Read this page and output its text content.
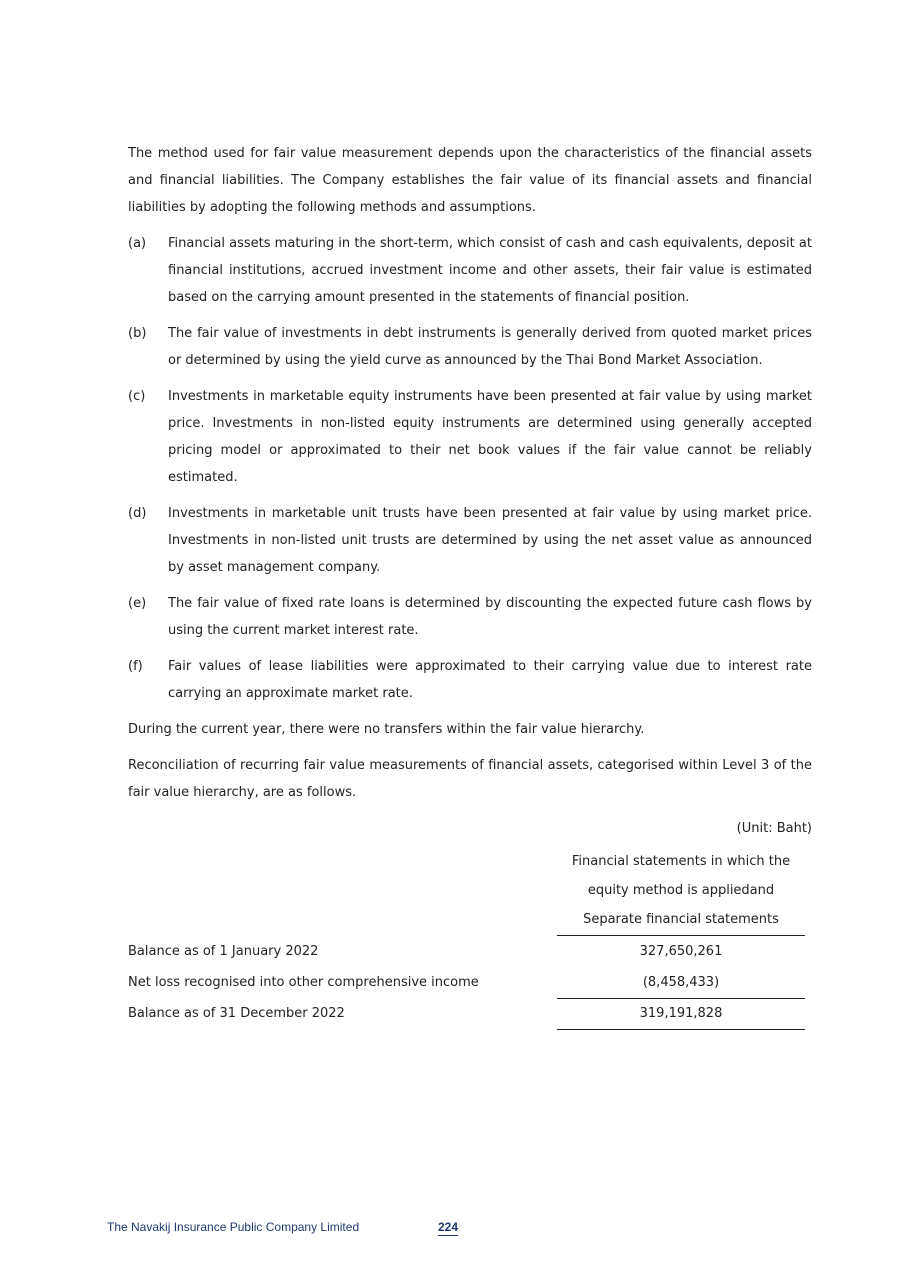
The method used for fair value measurement depends upon the characteristics of the financial assets and financial liabilities. The Company establishes the fair value of its financial assets and financial liabilities by adopting the following methods and assumptions.

(a)	Financial assets maturing in the short-term, which consist of cash and cash equivalents, deposit at financial institutions, accrued investment income and other assets, their fair value is estimated based on the carrying amount presented in the statements of financial position.
(b)	The fair value of investments in debt instruments is generally derived from quoted market prices or determined by using the yield curve as announced by the Thai Bond Market Association.
(c)	Investments in marketable equity instruments have been presented at fair value by using market price. Investments in non-listed equity instruments are determined using generally accepted pricing model or approximated to their net book values if the fair value cannot be reliably estimated.
(d)	Investments in marketable unit trusts have been presented at fair value by using market price. Investments in non-listed unit trusts are determined by using the net asset value as announced by asset management company.
(e)	The fair value of fixed rate loans is determined by discounting the expected future cash flows by using the current market interest rate.
(f)	Fair values of lease liabilities were approximated to their carrying value due to interest rate carrying an approximate market rate.

During the current year, there were no transfers within the fair value hierarchy.

Reconciliation of recurring fair value measurements of financial assets, categorised within Level 3 of the fair value hierarchy, are as follows.

(Unit: Baht)
Financial statements in which the
equity method is appliedand
Separate financial statements
Balance as of 1 January 2022	327,650,261
Net loss recognised into other comprehensive income	(8,458,433)
Balance as of 31 December 2022	319,191,828
The Navakij Insurance Public Company Limited	224
